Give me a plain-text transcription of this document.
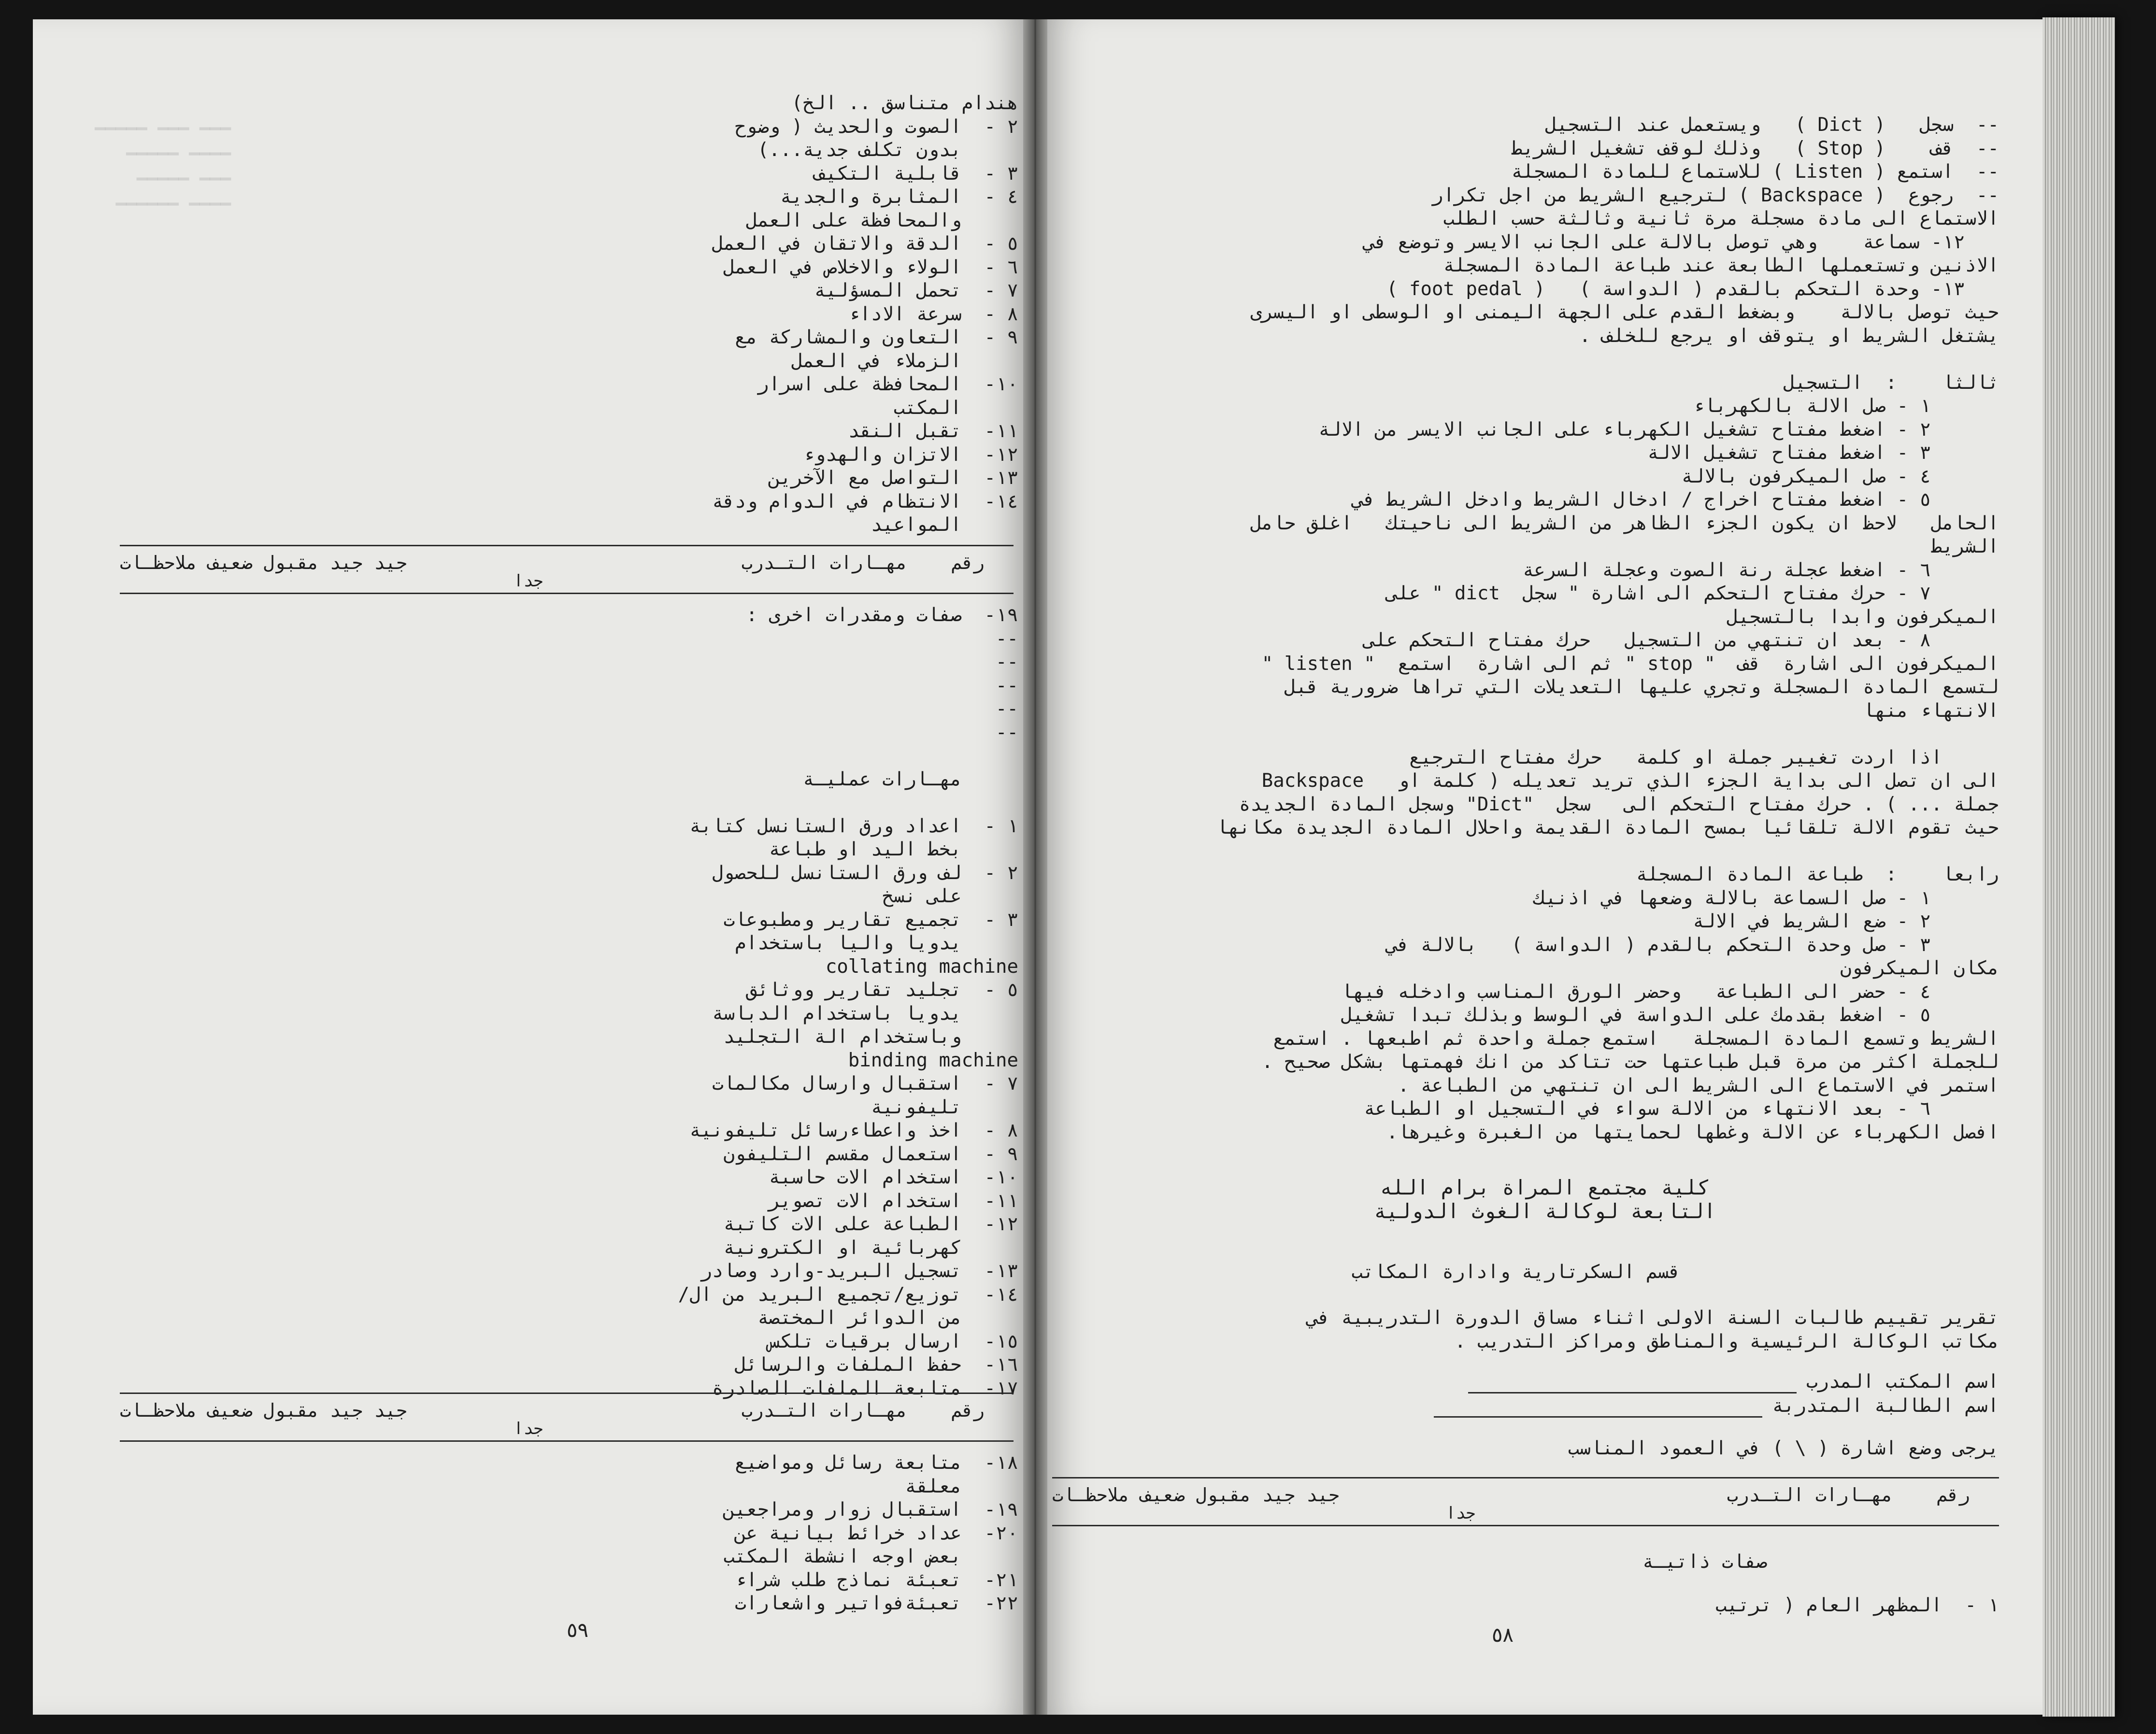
━━━ ━━━ ━━━━━
━━━━ ━━━━━
━━━ ━━━━━
━━━━ ━━━━━━

هندام متناسق .. الخ)
٢ -  الصوت والحديث ( وضوح
بدون تكلف جدية...)
٣ -  قابلية التكيف
٤ -  المثابرة والجدية
والمحافظة على العمل
٥ -  الدقة والاتقان في العمل
٦ -  الولاء والاخلاص في العمل
٧ -  تحمل المسؤلية
٨ -  سرعة الاداء
٩ -  التعاون والمشاركة مع
الزملاء في العمل
١٠-  المحافظة على اسرار
المكتب
١١-  تقبل النقد
١٢-  الاتزان والهدوء
١٣-  التواصل مع الآخرين
١٤-  الانتظام في الدوام ودقة
المواعيد
رقم    مهـارات التـدرب
جيد جيد مقبول ضعيف ملاحظـات
جدا
١٩-  صفات ومقدرات اخرى :
--
--
--
--
--
مهـارات عمليـة
١ -  اعداد ورق الستانسل كتابة
بخط اليد او طباعة
٢ -  لف ورق الستانسل للحصول
على نسخ
٣ -  تجميع تقارير ومطبوعات
يدويا واليا باستخدام
collating machine
٥ -  تجليد تقارير ووثائق
يدويا باستخدام الدباسة
وباستخدام الة التجليد
binding machine
٧ -  استقبال وارسال مكالمات
تليفونية
٨ -  اخذ واعطاءرسائل تليفونية
٩ -  استعمال مقسم التليفون
١٠-  استخدام الات حاسبة
١١-  استخدام الات تصوير
١٢-  الطباعة على الات كاتبة
كهربائية او الكترونية
١٣-  تسجيل البريد-وارد وصادر
١٤-  توزيع/تجميع البريد من ال/
من الدوائر المختصة
١٥-  ارسال برقيات تلكس
١٦-  حفظ الملفات والرسائل
١٧-  متابعة الملفات الصادرة
رقم    مهـارات التـدرب
جيد جيد مقبول ضعيف ملاحظـات
جدا
١٨-  متابعة رسائل ومواضيع
معلقة
١٩-  استقبال زوار ومراجعين
٢٠-  عداد خرائط بيانية عن
بعض اوجه انشطة المكتب
٢١-  تعبئة نماذج طلب شراء
٢٢-  تعبئةفواتير واشعارات
٥٩
--  سجل   ( Dict )   ويستعمل عند التسجيل
--  قف    ( Stop )   وذلك لوقف تشغيل الشريط
--  استمع ( Listen ) للاستماع للمادة المسجلة
--  رجوع  ( Backspace ) لترجيع الشريط من اجل تكرار
الاستماع الى مادة مسجلة مرة ثانية وثالثة حسب الطلب
١٢- سماعة    وهي توصل بالالة على الجانب الايسر وتوضع في
الاذنين وتستعملها الطابعة عند طباعة المادة المسجلة
١٣- وحدة التحكم بالقدم ( الدواسة )   ( foot pedal )
حيث توصل بالالة    وبضغط القدم على الجهة اليمنى او الوسطى او اليسرى
يشتغل الشريط او يتوقف او يرجع للخلف .
ثالثا    :  التسجيل
١ - صل الالة بالكهرباء
٢ - اضغط مفتاح تشغيل الكهرباء على الجانب الايسر من الالة
٣ - اضغط مفتاح تشغيل الالة
٤ - صل الميكرفون بالالة
٥ - اضغط مفتاح اخراج / ادخال الشريط وادخل الشريط في
الحامل   لاحظ ان يكون الجزء الظاهر من الشريط الى ناحيتك   اغلق حامل
الشريط
٦ - اضغط عجلة رنة الصوت وعجلة السرعة
٧ - حرك مفتاح التحكم الى اشارة " سجل  dict " على
الميكرفون وابدا بالتسجيل
٨ - بعد ان تنتهي من التسجيل   حرك مفتاح التحكم على
الميكرفون الى اشارة  قف  " stop " ثم الى اشارة  استمع  " listen "
لتسمع المادة المسجلة وتجري عليها التعديلات التي تراها ضرورية قبل
الانتهاء منها
اذا اردت تغيير جملة او كلمة   حرك مفتاح الترجيع
Backspace   الى ان تصل الى بداية الجزء الذي تريد تعديله ( كلمة او
جملة ... ) . حرك مفتاح التحكم الى   سجل  "Dict" وسجل المادة الجديدة
حيث تقوم الالة تلقائيا بمسح المادة القديمة واحلال المادة الجديدة مكانها
رابعا    :  طباعة المادة المسجلة
١ - صل السماعة بالالة وضعها في اذنيك
٢ - ضع الشريط في الالة
٣ - صل وحدة التحكم بالقدم ( الدواسة )   بالالة في
مكان الميكرفون
٤ - حضر الى الطباعة   وحضر الورق المناسب وادخله فيها
٥ - اضغط بقدمك على الدواسة في الوسط وبذلك تبدا تشغيل
الشريط وتسمع المادة المسجلة   استمع جملة واحدة ثم اطبعها . استمع
للجملة اكثر من مرة قبل طباعتها حت تتاكد من انك فهمتها بشكل صحيح .
استمر في الاستماع الى الشريط الى ان تنتهي من الطباعة .
٦ - بعد الانتهاء من الالة سواء في التسجيل او الطباعة
افصل الكهرباء عن الالة وغطها لحمايتها من الغبرة وغيرها.
كلية مجتمع المراة برام الله
التابعة لوكالة الغوث الدولية
قسم السكرتارية وادارة المكاتب
تقرير تقييم طالبات السنة الاولى اثناء مساق الدورة التدريبية في
مكاتب الوكالة الرئيسية والمناطق ومراكز التدريب .
اسم المكتب المدرب
اسم الطالبة المتدربة
يرجى وضع اشارة ( \ ) في العمود المناسب
رقم    مهـارات التـدرب
جيد جيد مقبول ضعيف ملاحظـات
جدا
صفات ذاتيـة
١ -  المظهر العام ( ترتيب
٥٨
